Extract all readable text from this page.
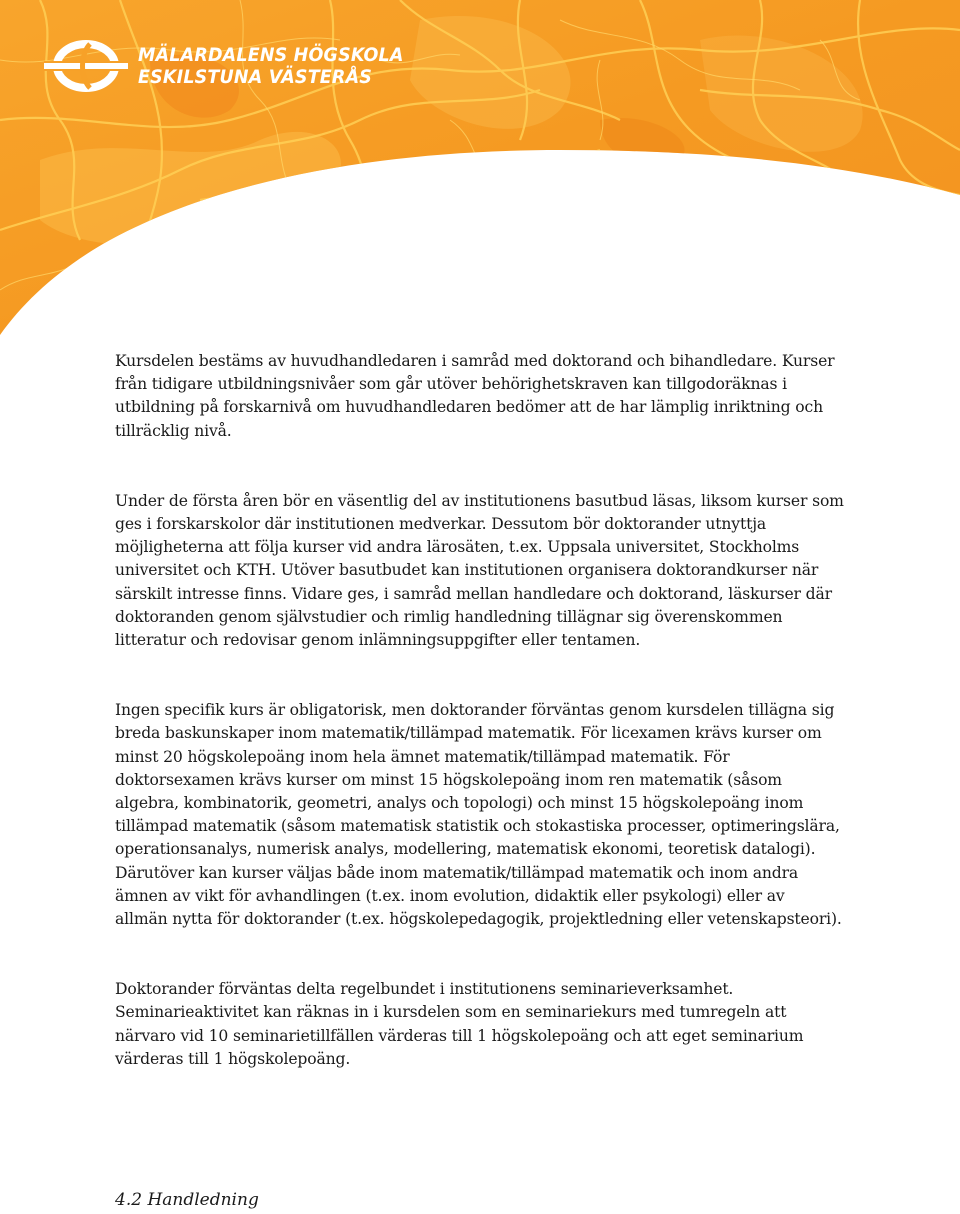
MÄLARDALENS HÖGSKOLA
ESKILSTUNA VÄSTERÅS

Kursdelen bestäms av huvudhandledaren i samråd med doktorand och bihandledare. Kurser
från tidigare utbildningsnivåer som går utöver behörighetskraven kan tillgodoräknas i
utbildning på forskarnivå om huvudhandledaren bedömer att de har lämplig inriktning och
tillräcklig nivå.

Under de första åren bör en väsentlig del av institutionens basutbud läsas, liksom kurser som
ges i forskarskolor där institutionen medverkar. Dessutom bör doktorander utnyttja
möjligheterna att följa kurser vid andra lärosäten, t.ex. Uppsala universitet, Stockholms
universitet och KTH. Utöver basutbudet kan institutionen organisera doktorandkurser när
särskilt intresse finns. Vidare ges, i samråd mellan handledare och doktorand, läskurser där
doktoranden genom självstudier och rimlig handledning tillägnar sig överenskommen
litteratur och redovisar genom inlämningsuppgifter eller tentamen.

Ingen specifik kurs är obligatorisk, men doktorander förväntas genom kursdelen tillägna sig
breda baskunskaper inom matematik/tillämpad matematik. För licexamen krävs kurser om
minst 20 högskolepoäng inom hela ämnet matematik/tillämpad matematik. För
doktorsexamen krävs kurser om minst 15 högskolepoäng inom ren matematik (såsom
algebra, kombinatorik, geometri, analys och topologi) och minst 15 högskolepoäng inom
tillämpad matematik (såsom matematisk statistik och stokastiska processer, optimeringslära,
operationsanalys, numerisk analys, modellering, matematisk ekonomi, teoretisk datalogi).
Därutöver kan kurser väljas både inom matematik/tillämpad matematik och inom andra
ämnen av vikt för avhandlingen (t.ex. inom evolution, didaktik eller psykologi) eller av
allmän nytta för doktorander (t.ex. högskolepedagogik, projektledning eller vetenskapsteori).

Doktorander förväntas delta regelbundet i institutionens seminarieverksamhet.
Seminarieaktivitet kan räknas in i kursdelen som en seminariekurs med tumregeln att
närvaro vid 10 seminarietillfällen värderas till 1 högskolepoäng och att eget seminarium
värderas till 1 högskolepoäng.

4.2 Handledning
